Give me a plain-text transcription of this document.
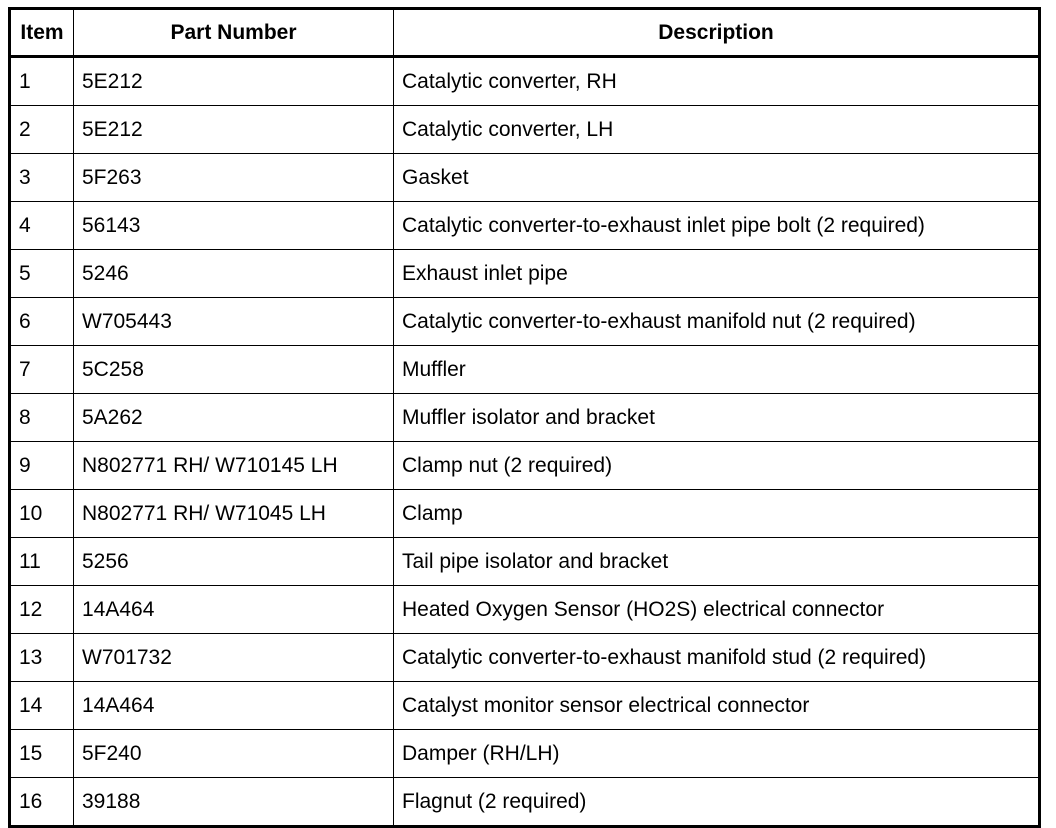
Item	Part Number	Description
1	5E212	Catalytic converter, RH
2	5E212	Catalytic converter, LH
3	5F263	Gasket
4	56143	Catalytic converter-to-exhaust inlet pipe bolt (2 required)
5	5246	Exhaust inlet pipe
6	W705443	Catalytic converter-to-exhaust manifold nut (2 required)
7	5C258	Muffler
8	5A262	Muffler isolator and bracket
9	N802771 RH/ W710145 LH	Clamp nut (2 required)
10	N802771 RH/ W71045 LH	Clamp
11	5256	Tail pipe isolator and bracket
12	14A464	Heated Oxygen Sensor (HO2S) electrical connector
13	W701732	Catalytic converter-to-exhaust manifold stud (2 required)
14	14A464	Catalyst monitor sensor electrical connector
15	5F240	Damper (RH/LH)
16	39188	Flagnut (2 required)
